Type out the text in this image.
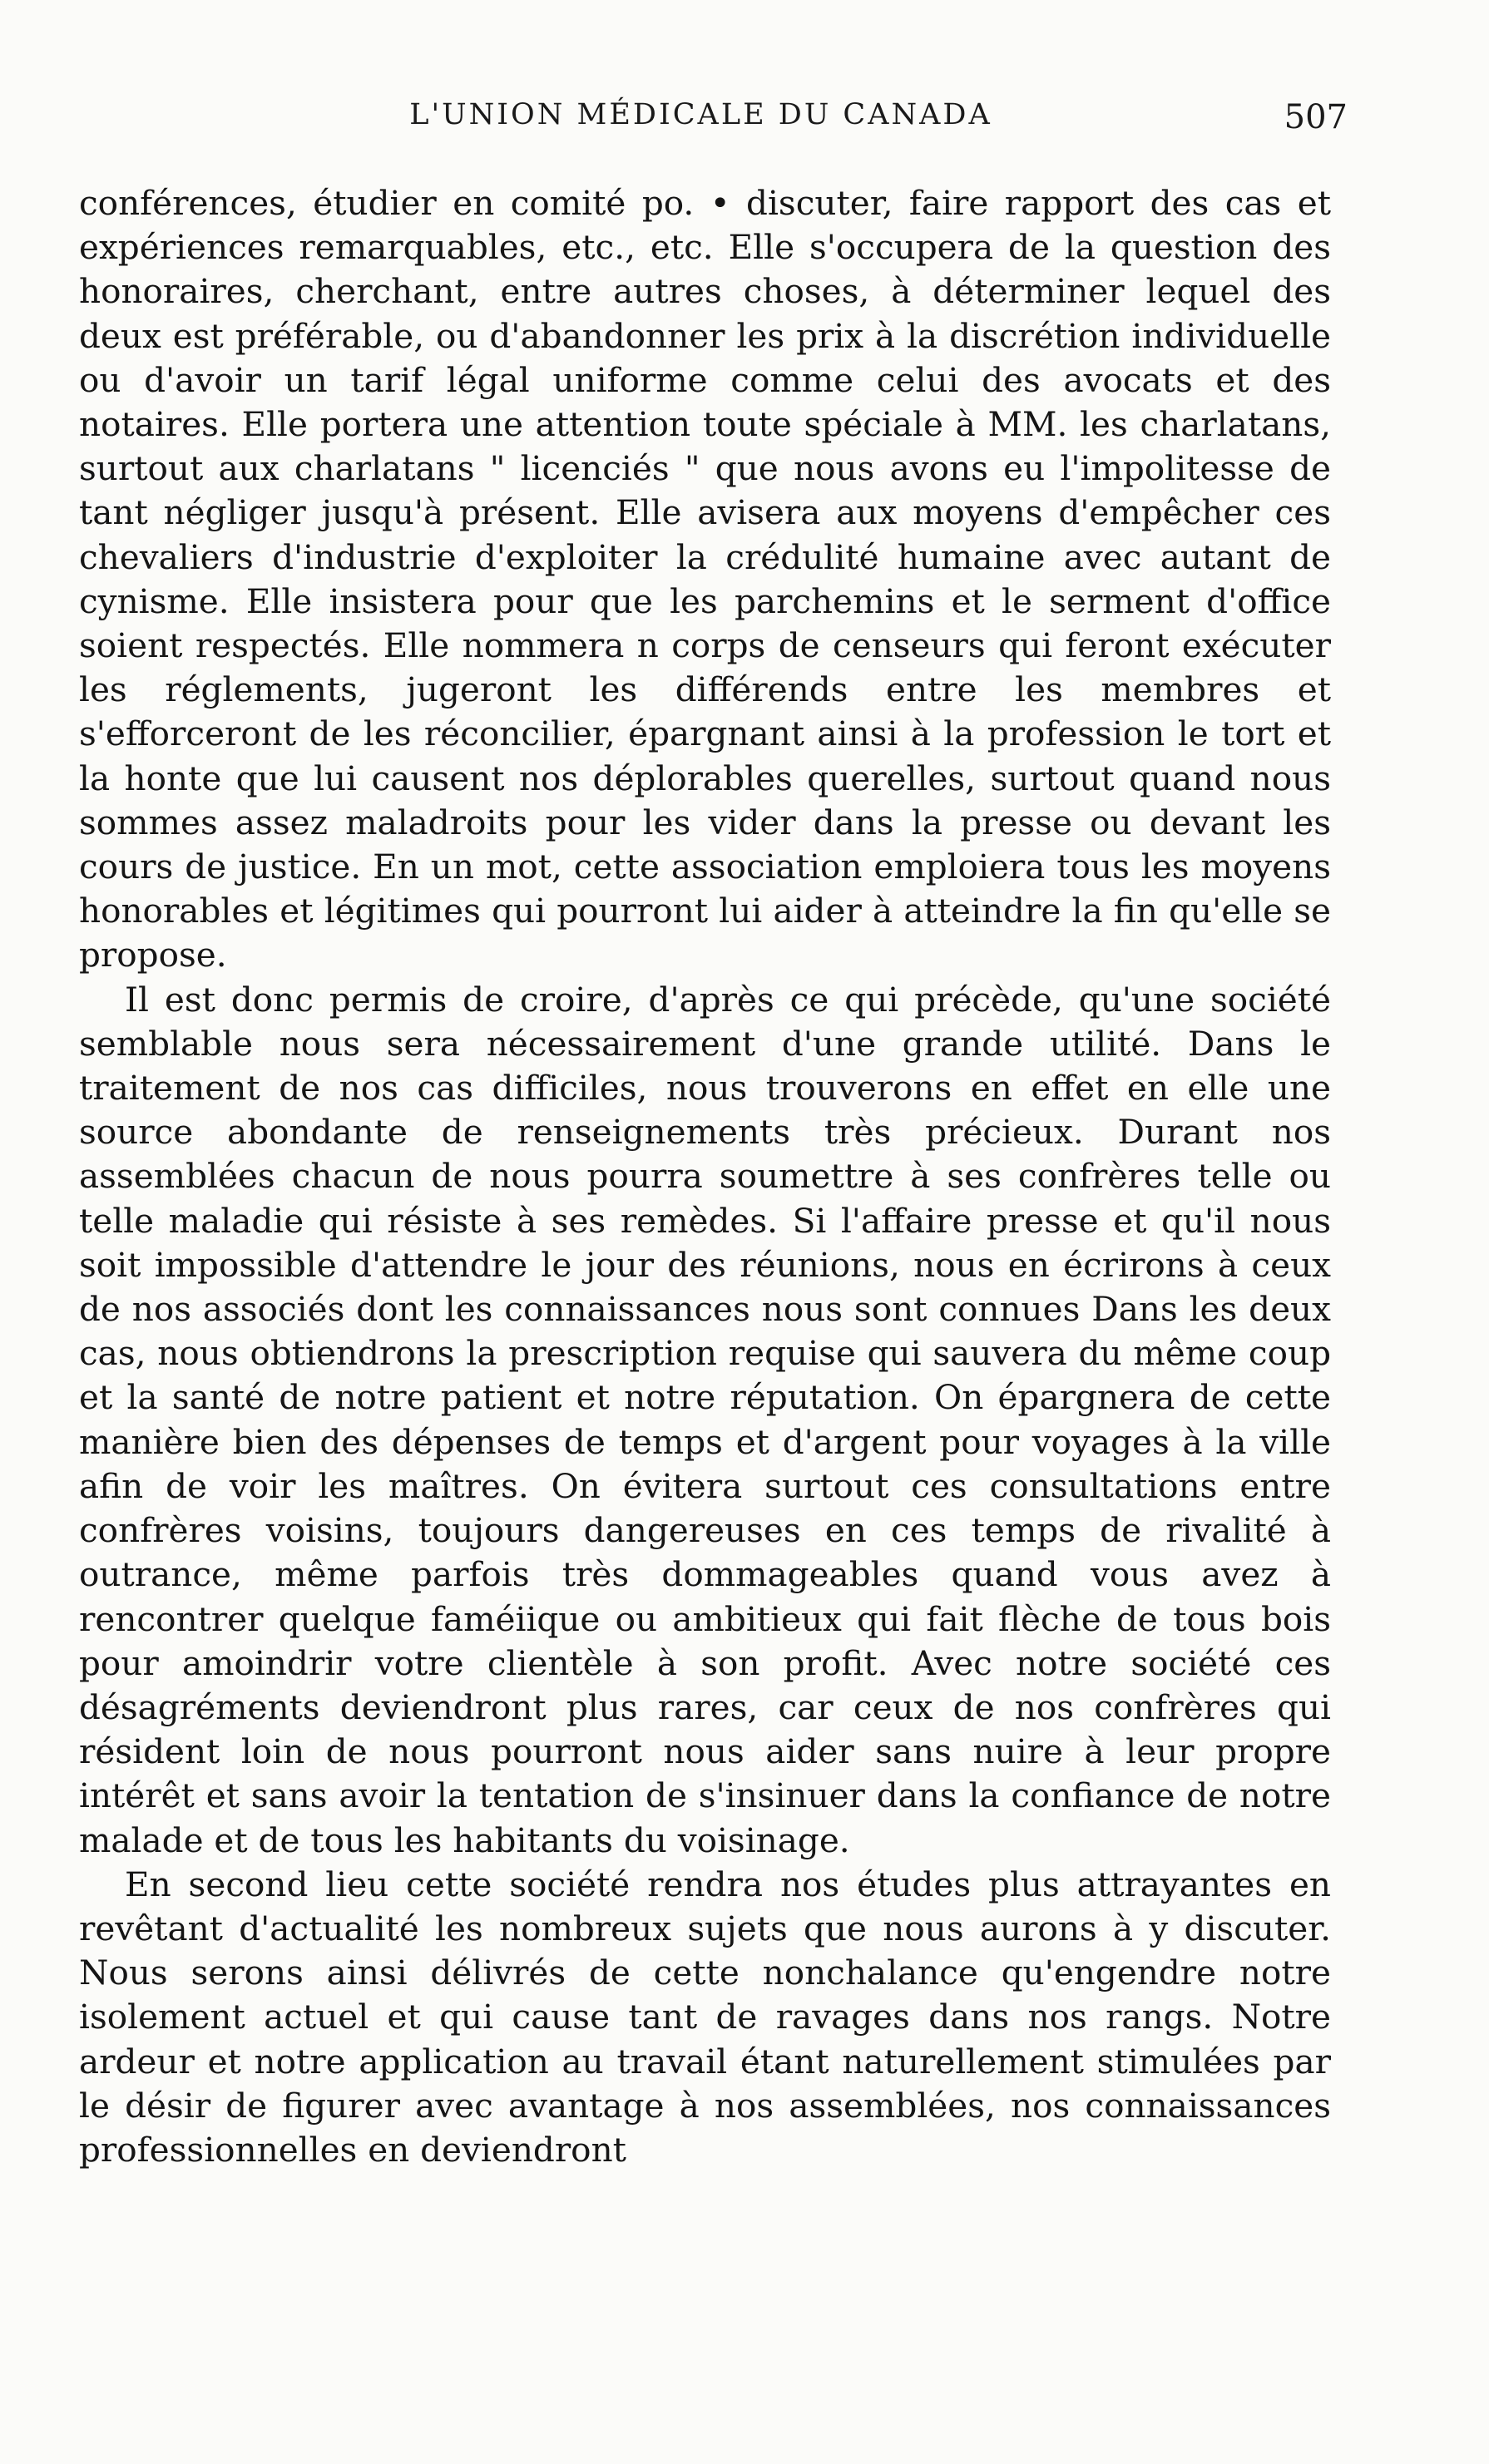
L'UNION MÉDICALE DU CANADA	507

conférences, étudier en comité po. • discuter, faire rapport des cas et expériences remarquables, etc., etc. Elle s'occupera de la question des honoraires, cherchant, entre autres choses, à déterminer lequel des deux est préférable, ou d'abandonner les prix à la discrétion individuelle ou d'avoir un tarif légal uniforme comme celui des avocats et des notaires. Elle portera une attention toute spéciale à MM. les charlatans, surtout aux charlatans " licenciés " que nous avons eu l'impolitesse de tant négliger jusqu'à présent. Elle avisera aux moyens d'empêcher ces chevaliers d'industrie d'exploiter la crédulité humaine avec autant de cynisme. Elle insistera pour que les parchemins et le serment d'office soient respectés. Elle nommera n corps de censeurs qui feront exécuter les réglements, jugeront les différends entre les membres et s'efforceront de les réconcilier, épargnant ainsi à la profession le tort et la honte que lui causent nos déplorables querelles, surtout quand nous sommes assez maladroits pour les vider dans la presse ou devant les cours de justice. En un mot, cette association emploiera tous les moyens honorables et légitimes qui pourront lui aider à atteindre la fin qu'elle se propose.

Il est donc permis de croire, d'après ce qui précède, qu'une société semblable nous sera nécessairement d'une grande utilité. Dans le traitement de nos cas difficiles, nous trouverons en effet en elle une source abondante de renseignements très précieux. Durant nos assemblées chacun de nous pourra soumettre à ses confrères telle ou telle maladie qui résiste à ses remèdes. Si l'affaire presse et qu'il nous soit impossible d'attendre le jour des réunions, nous en écrirons à ceux de nos associés dont les connaissances nous sont connues Dans les deux cas, nous obtiendrons la prescription requise qui sauvera du même coup et la santé de notre patient et notre réputation. On épargnera de cette manière bien des dépenses de temps et d'argent pour voyages à la ville afin de voir les maîtres. On évitera surtout ces consultations entre confrères voisins, toujours dangereuses en ces temps de rivalité à outrance, même parfois très dommageables quand vous avez à rencontrer quelque faméiique ou ambitieux qui fait flèche de tous bois pour amoindrir votre clientèle à son profit. Avec notre société ces désagréments deviendront plus rares, car ceux de nos confrères qui résident loin de nous pourront nous aider sans nuire à leur propre intérêt et sans avoir la tentation de s'insinuer dans la confiance de notre malade et de tous les habitants du voisinage.

En second lieu cette société rendra nos études plus attrayantes en revêtant d'actualité les nombreux sujets que nous aurons à y discuter. Nous serons ainsi délivrés de cette nonchalance qu'engendre notre isolement actuel et qui cause tant de ravages dans nos rangs. Notre ardeur et notre application au travail étant naturellement stimulées par le désir de figurer avec avantage à nos assemblées, nos connaissances professionnelles en deviendront
